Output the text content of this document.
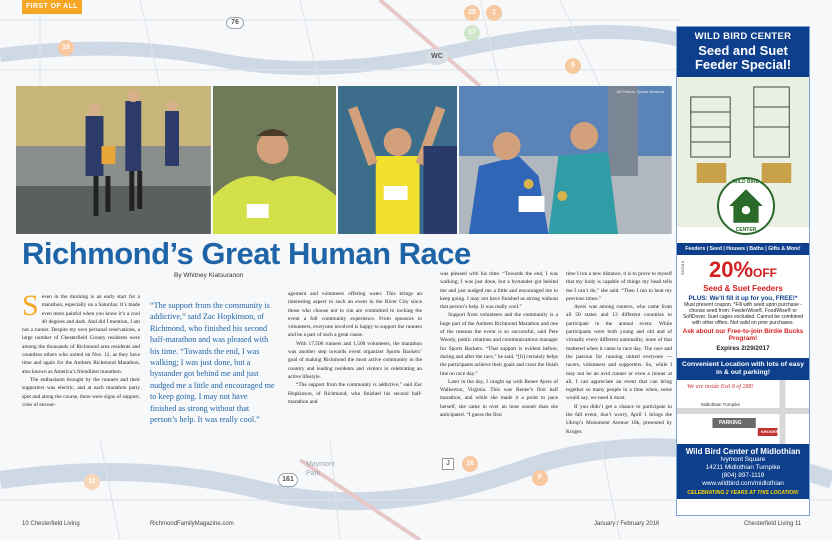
FIRST OF ALL
76
WC
17
25	1
5
10
11
16
J
F
161
Maymont Park
All Photos: Sports Backers
Richmond’s Great Human Race
By Whitney Kiatsuranon
S even in the morning is an early start for a marathon, especially on a Saturday. It’s made even more painful when you know it’s a cool 40 degrees and dark. And did I mention, I am not a runner. Despite my own personal reservations, a large number of Chesterfield County residents were among the thousands of Richmond area residents and countless others who united on Nov. 12, as they have time and again for the Anthem Richmond Marathon, also known as America’s friendliest marathon.

The enthusiasm brought by the runners and their supporters was electric, and at each marathon party spot and along the course, there were signs of support, cries of encour-

“The support from the community is addictive,” said Zac Hopkinson, of Richmond, who finished his second half-marathon and was pleased with his time. “Towards the end, I was walking; I was just done, but a bystander got behind me and just nudged me a little and encouraged me to keep going. I may not have finished as strong without that person’s help. It was really cool.”

agement and volunteers offering water. This brings an interesting aspect to such an event in the River City since those who choose not to run are committed to rocking the event a full community experience. From sponsors to volunteers, everyone involved is happy to support the runners and be a part of such a great cause.

With 17,500 runners and 1,500 volunteers, the marathon was another step towards event organizer Sports Backers’ goal of making Richmond the most active community in the country and leading residents and visitors in celebrating an active lifestyle.

“The support from the community is addictive,” said Zac Hopkinson, of Richmond, who finished his second half-marathon and

was pleased with his time. “Towards the end, I was walking; I was just done, but a bystander got behind me and just nudged me a little and encouraged me to keep going. I may not have finished as strong without that person’s help. It was really cool.”

Support from volunteers and the community is a huge part of the Anthem Richmond Marathon and one of the reasons the event is so successful, said Pete Woody, public relations and communications manager for Sports Backers. “That support is evident before, during and after the race,” he said. “[It] certainly helps the participants achieve their goals and cross the finish line on race day.”

Later in the day, I caught up with Renee Ayers of Walkerton, Virginia. This was Renee’s first half marathon, and while she made it a point to pace herself, she came in over an hour sooner than she anticipated. “I guess the first

time I run a new distance, it is to prove to myself that my body is capable of things my head tells me I can’t do,” she said. “Then I run to beat my previous times.”

Ayers was among runners, who came from all 50 states and 13 different countries to participate in the annual event. While participants were both young and old and of virtually every different nationality, none of that mattered when it came to race day. The race and the passion for running united everyone — racers, volunteers and supporters. So, while I may not be an avid runner or even a runner at all, I can appreciate an event that can bring together so many people in a time when, some would say, we need it most.

If you didn’t get a chance to participate in the fall event, don’t worry, April 1 brings the Ukrop’s Monument Avenue 10k, presented by Kroger.

10 Chesterfield Living	RichmondFamilyMagazine.com	January / February 2016	Chesterfield Living 11
WILD BIRD CENTER
Seed and Suet Feeder Special!
WILD BIRD
CENTER
Feeders | Seed | Houses | Baths | Gifts & More!
SS2016	20%OFF
Seed & Suet Feeders
PLUS: We’ll fill it up for you, FREE!*
Must present coupon. *Fill with seed upon purchase - choose seed from: FeederWise®, FoodWise® or SoftDover. Suet cages excluded. Cannot be combined with other offers. Not valid on prior purchases.
Ask about our Free-to-join Birdie Bucks Program!
Expires 2/29/2017
Convenient Location with lots of easy in & out parking!
We are inside Exit 8 of 288!
Midlothian Turnpike
PARKING
KROGER
Wild Bird Center of Midlothian
Ivymont Square
14211 Midlothian Turnpike
(804) 897-1119
www.wildbird.com/midlothian
CELEBRATING 2 YEARS AT THIS LOCATION!
